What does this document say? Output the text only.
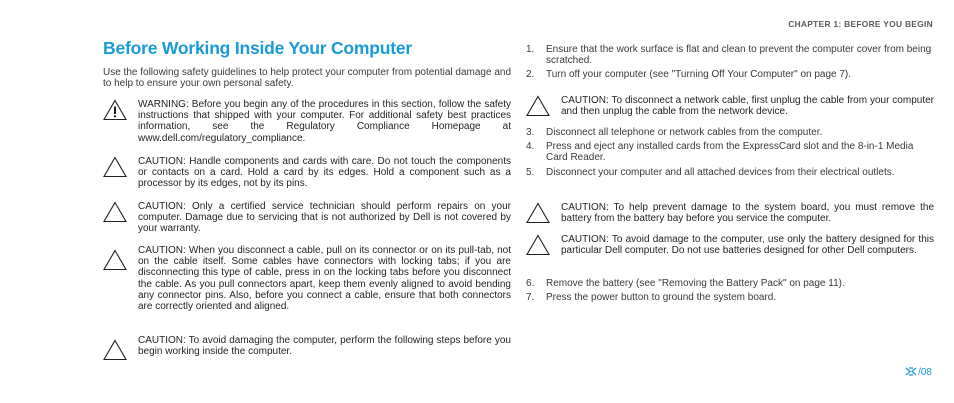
CHAPTER 1: BEFORE YOU BEGIN
Before Working Inside Your Computer

Use the following safety guidelines to help protect your computer from potential damage and to help to ensure your own personal safety.

WARNING: Before you begin any of the procedures in this section, follow the safety instructions that shipped with your computer. For additional safety best practices information, see the Regulatory Compliance Homepage at www.dell.com/regulatory_compliance.

CAUTION: Handle components and cards with care. Do not touch the components or contacts on a card. Hold a card by its edges. Hold a component such as a processor by its edges, not by its pins.

CAUTION: Only a certified service technician should perform repairs on your computer. Damage due to servicing that is not authorized by Dell is not covered by your warranty.

CAUTION: When you disconnect a cable, pull on its connector or on its pull-tab, not on the cable itself. Some cables have connectors with locking tabs; if you are disconnecting this type of cable, press in on the locking tabs before you disconnect the cable. As you pull connectors apart, keep them evenly aligned to avoid bending any connector pins. Also, before you connect a cable, ensure that both connectors are correctly oriented and aligned.

CAUTION: To avoid damaging the computer, perform the following steps before you begin working inside the computer.

1. Ensure that the work surface is flat and clean to prevent the computer cover from being scratched.
2. Turn off your computer (see "Turning Off Your Computer" on page 7).

CAUTION: To disconnect a network cable, first unplug the cable from your computer and then unplug the cable from the network device.

3. Disconnect all telephone or network cables from the computer.
4. Press and eject any installed cards from the ExpressCard slot and the 8-in-1 Media Card Reader.
5. Disconnect your computer and all attached devices from their electrical outlets.

CAUTION: To help prevent damage to the system board, you must remove the battery from the battery bay before you service the computer.

CAUTION: To avoid damage to the computer, use only the battery designed for this particular Dell computer. Do not use batteries designed for other Dell computers.

6. Remove the battery (see "Removing the Battery Pack" on page 11).
7. Press the power button to ground the system board.
/08
